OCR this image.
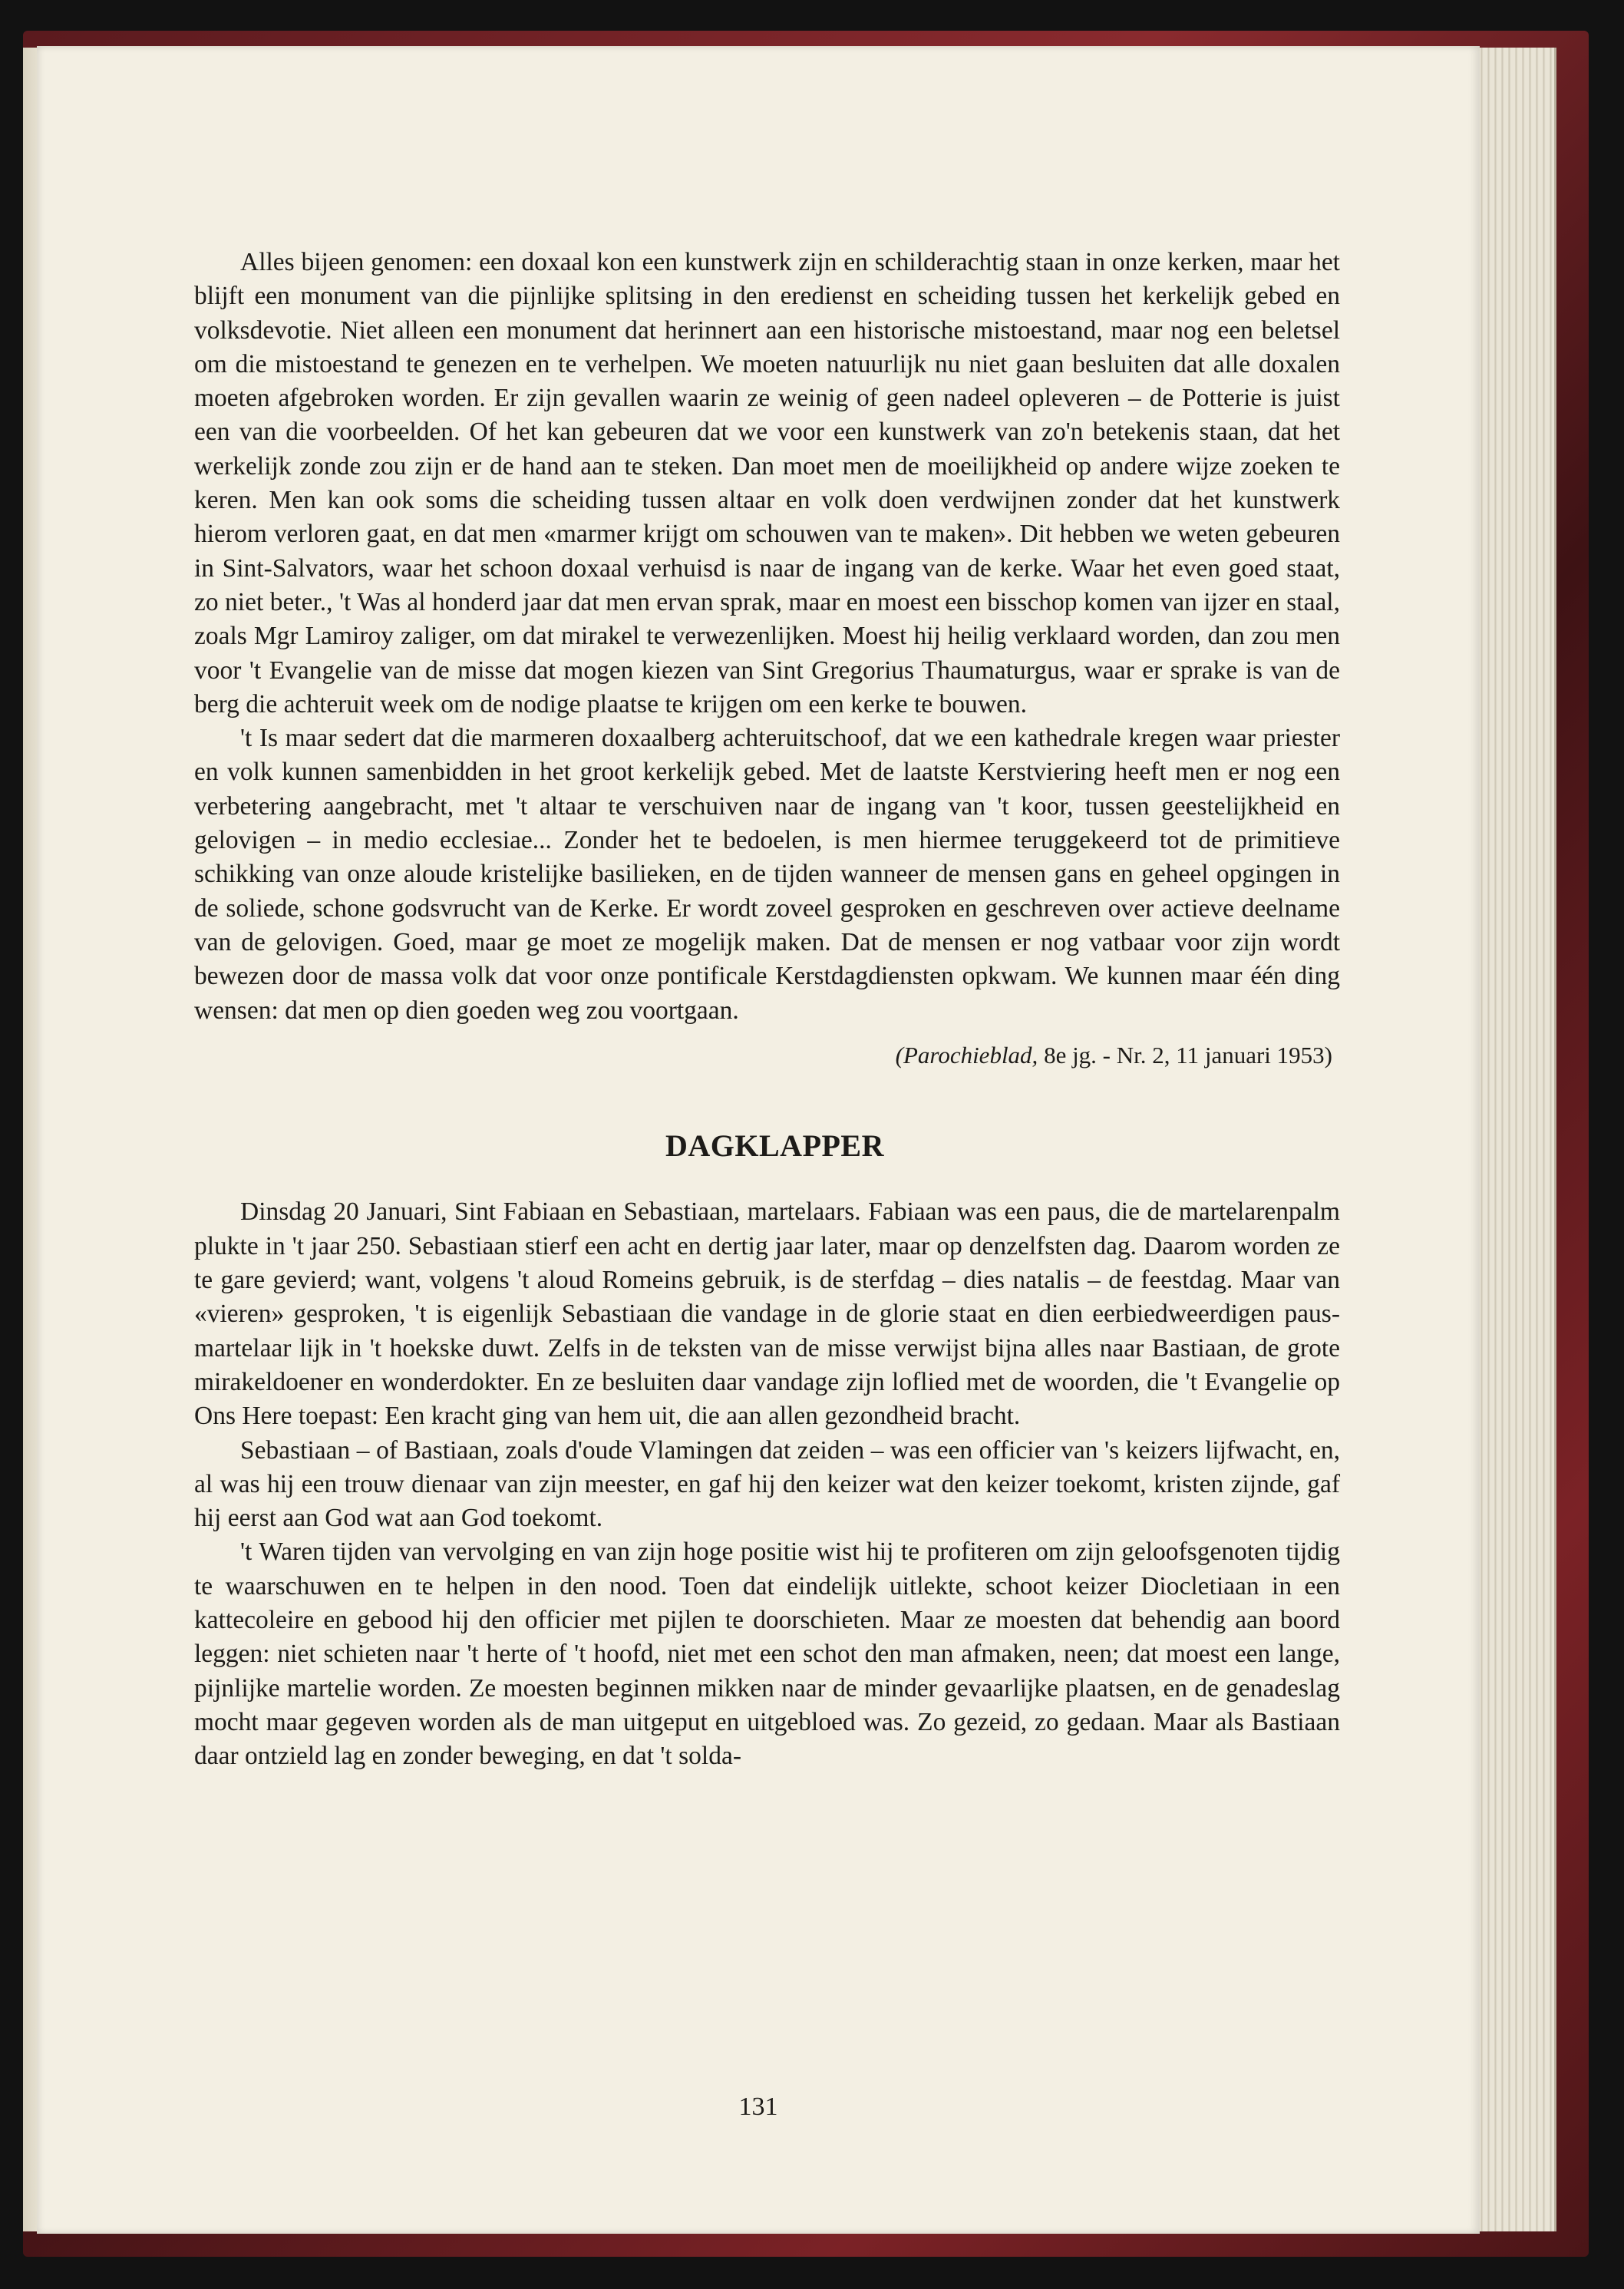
Alles bijeen genomen: een doxaal kon een kunstwerk zijn en schilderachtig staan in onze kerken, maar het blijft een monument van die pijnlijke splitsing in den eredienst en scheiding tussen het kerkelijk gebed en volksdevotie. Niet alleen een monument dat herinnert aan een historische mistoestand, maar nog een beletsel om die mistoestand te genezen en te verhelpen. We moeten natuurlijk nu niet gaan besluiten dat alle doxalen moeten afgebroken worden. Er zijn gevallen waarin ze weinig of geen nadeel opleveren – de Potterie is juist een van die voorbeelden. Of het kan gebeuren dat we voor een kunstwerk van zo'n betekenis staan, dat het werkelijk zonde zou zijn er de hand aan te steken. Dan moet men de moeilijkheid op andere wijze zoeken te keren. Men kan ook soms die scheiding tussen altaar en volk doen verdwijnen zonder dat het kunstwerk hierom verloren gaat, en dat men «marmer krijgt om schouwen van te maken». Dit hebben we weten gebeuren in Sint-Salvators, waar het schoon doxaal verhuisd is naar de ingang van de kerke. Waar het even goed staat, zo niet beter., 't Was al honderd jaar dat men ervan sprak, maar en moest een bisschop komen van ijzer en staal, zoals Mgr Lamiroy zaliger, om dat mirakel te verwezenlijken. Moest hij heilig verklaard worden, dan zou men voor 't Evangelie van de misse dat mogen kiezen van Sint Gregorius Thaumaturgus, waar er sprake is van de berg die achteruit week om de nodige plaatse te krijgen om een kerke te bouwen.

't Is maar sedert dat die marmeren doxaalberg achteruitschoof, dat we een kathedrale kregen waar priester en volk kunnen samenbidden in het groot kerkelijk gebed. Met de laatste Kerstviering heeft men er nog een verbetering aangebracht, met 't altaar te verschuiven naar de ingang van 't koor, tussen geestelijkheid en gelovigen – in medio ecclesiae... Zonder het te bedoelen, is men hiermee teruggekeerd tot de primitieve schikking van onze aloude kristelijke basilieken, en de tijden wanneer de mensen gans en geheel opgingen in de soliede, schone godsvrucht van de Kerke. Er wordt zoveel gesproken en geschreven over actieve deelname van de gelovigen. Goed, maar ge moet ze mogelijk maken. Dat de mensen er nog vatbaar voor zijn wordt bewezen door de massa volk dat voor onze pontificale Kerstdagdiensten opkwam. We kunnen maar één ding wensen: dat men op dien goeden weg zou voortgaan.

(Parochieblad, 8e jg. - Nr. 2, 11 januari 1953)
DAGKLAPPER

Dinsdag 20 Januari, Sint Fabiaan en Sebastiaan, martelaars. Fabiaan was een paus, die de martelarenpalm plukte in 't jaar 250. Sebastiaan stierf een acht en dertig jaar later, maar op denzelfsten dag. Daarom worden ze te gare gevierd; want, volgens 't aloud Romeins gebruik, is de sterfdag – dies natalis – de feestdag. Maar van «vieren» gesproken, 't is eigenlijk Sebastiaan die vandage in de glorie staat en dien eerbiedweerdigen paus-martelaar lijk in 't hoekske duwt. Zelfs in de teksten van de misse verwijst bijna alles naar Bastiaan, de grote mirakeldoener en wonderdokter. En ze besluiten daar vandage zijn loflied met de woorden, die 't Evangelie op Ons Here toepast: Een kracht ging van hem uit, die aan allen gezondheid bracht.

Sebastiaan – of Bastiaan, zoals d'oude Vlamingen dat zeiden – was een officier van 's keizers lijfwacht, en, al was hij een trouw dienaar van zijn meester, en gaf hij den keizer wat den keizer toekomt, kristen zijnde, gaf hij eerst aan God wat aan God toekomt.

't Waren tijden van vervolging en van zijn hoge positie wist hij te profiteren om zijn geloofsgenoten tijdig te waarschuwen en te helpen in den nood. Toen dat eindelijk uitlekte, schoot keizer Diocletiaan in een kattecoleire en gebood hij den officier met pijlen te doorschieten. Maar ze moesten dat behendig aan boord leggen: niet schieten naar 't herte of 't hoofd, niet met een schot den man afmaken, neen; dat moest een lange, pijnlijke martelie worden. Ze moesten beginnen mikken naar de minder gevaarlijke plaatsen, en de genadeslag mocht maar gegeven worden als de man uitgeput en uitgebloed was. Zo gezeid, zo gedaan. Maar als Bastiaan daar ontzield lag en zonder beweging, en dat 't solda-

131
